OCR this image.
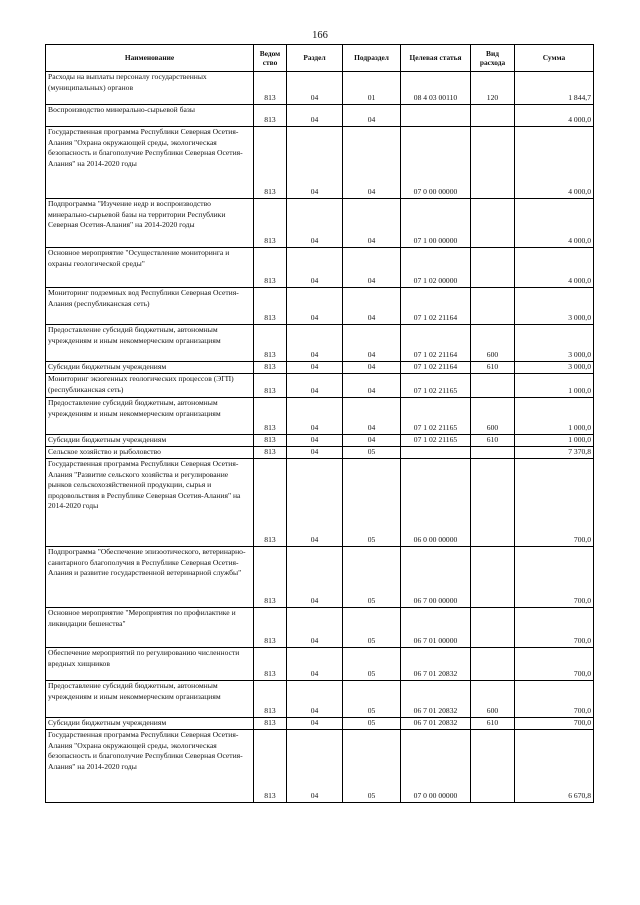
166
Наименование	Ведом ство	Раздел	Подраздел	Целевая статья	Вид расхода	Сумма
Расходы на выплаты персоналу государственных (муниципальных) органов	813	04	01	08 4 03 00110	120	1 844,7
Воспроизводство минерально-сырьевой базы	813	04	04			4 000,0
Государственная программа Республики Северная Осетия-Алания "Охрана окружающей среды, экологическая безопасность и благополучие Республики Северная Осетия-Алания" на 2014-2020 годы	813	04	04	07 0 00 00000		4 000,0
Подпрограмма "Изучение недр и воспроизводство минерально-сырьевой базы на территории Республики Северная Осетия-Алания" на 2014-2020 годы	813	04	04	07 1 00 00000		4 000,0
Основное мероприятие "Осуществление мониторинга и охраны геологической среды"	813	04	04	07 1 02 00000		4 000,0
Мониторинг подземных вод Республики Северная Осетия-Алания (республиканская сеть)	813	04	04	07 1 02 21164		3 000,0
Предоставление субсидий бюджетным, автономным учреждениям и иным некоммерческим организациям	813	04	04	07 1 02 21164	600	3 000,0
Субсидии бюджетным учреждениям	813	04	04	07 1 02 21164	610	3 000,0
Мониторинг экзогенных геологических процессов (ЭГП) (республиканская сеть)	813	04	04	07 1 02 21165		1 000,0
Предоставление субсидий бюджетным, автономным учреждениям и иным некоммерческим организациям	813	04	04	07 1 02 21165	600	1 000,0
Субсидии бюджетным учреждениям	813	04	04	07 1 02 21165	610	1 000,0
Сельское хозяйство и рыболовство	813	04	05			7 370,8
Государственная программа Республики Северная Осетия-Алания "Развитие сельского хозяйства и регулирование рынков сельскохозяйственной продукции, сырья и продовольствия в Республике Северная Осетия-Алания" на 2014-2020 годы	813	04	05	06 0 00 00000		700,0
Подпрограмма "Обеспечение эпизоотического, ветеринарно-санитарного благополучия в Республике Северная Осетия-Алания и развитие государственной ветеринарной службы"	813	04	05	06 7 00 00000		700,0
Основное мероприятие "Мероприятия по профилактике и ликвидации бешенства"	813	04	05	06 7 01 00000		700,0
Обеспечение мероприятий по регулированию численности вредных хищников	813	04	05	06 7 01 20832		700,0
Предоставление субсидий бюджетным, автономным учреждениям и иным некоммерческим организациям	813	04	05	06 7 01 20832	600	700,0
Субсидии бюджетным учреждениям	813	04	05	06 7 01 20832	610	700,0
Государственная программа Республики Северная Осетия-Алания "Охрана окружающей среды, экологическая безопасность и благополучие Республики Северная Осетия-Алания" на 2014-2020 годы	813	04	05	07 0 00 00000		6 670,8
